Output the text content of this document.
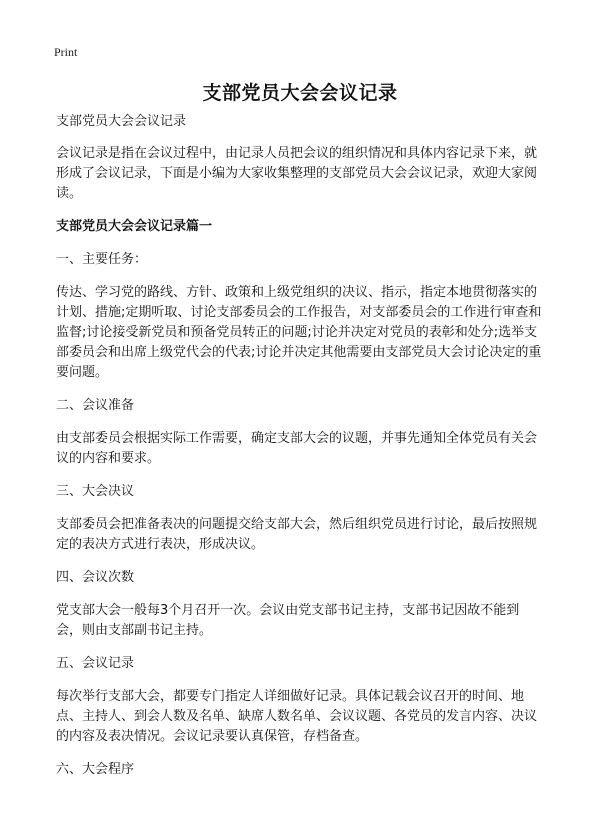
Print
支部党员大会会议记录

支部党员大会会议记录

会议记录是指在会议过程中，由记录人员把会议的组织情况和具体内容记录下来，就形成了会议记录，下面是小编为大家收集整理的支部党员大会会议记录，欢迎大家阅读。

支部党员大会会议记录篇一

一、主要任务：

传达、学习党的路线、方针、政策和上级党组织的决议、指示，指定本地贯彻落实的计划、措施;定期听取、讨论支部委员会的工作报告，对支部委员会的工作进行审查和监督;讨论接受新党员和预备党员转正的问题;讨论并决定对党员的表彰和处分;选举支部委员会和出席上级党代会的代表;讨论并决定其他需要由支部党员大会讨论决定的重要问题。

二、会议准备

由支部委员会根据实际工作需要，确定支部大会的议题，并事先通知全体党员有关会议的内容和要求。

三、大会决议

支部委员会把准备表决的问题提交给支部大会，然后组织党员进行讨论，最后按照规定的表决方式进行表决，形成决议。

四、会议次数

党支部大会一般每3个月召开一次。会议由党支部书记主持，支部书记因故不能到会，则由支部副书记主持。

五、会议记录

每次举行支部大会，都要专门指定人详细做好记录。具体记载会议召开的时间、地点、主持人、到会人数及名单、缺席人数名单、会议议题、各党员的发言内容、决议的内容及表决情况。会议记录要认真保管，存档备查。

六、大会程序
